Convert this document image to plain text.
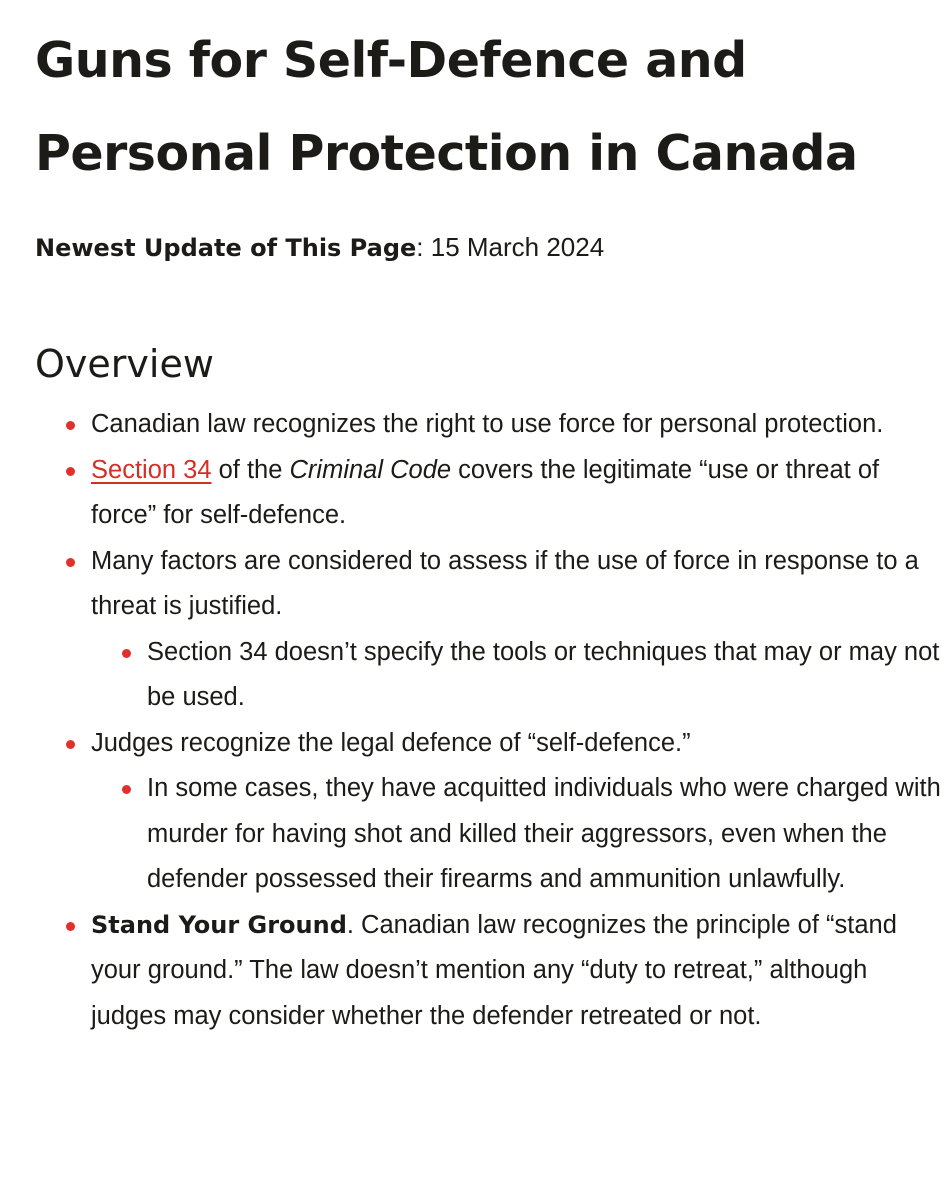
Guns for Self-Defence and Personal Protection in Canada
Newest Update of This Page: 15 March 2024
Overview
Canadian law recognizes the right to use force for personal protection.
Section 34 of the Criminal Code covers the legitimate “use or threat of force” for self-defence.
Many factors are considered to assess if the use of force in response to a threat is justified.
Section 34 doesn’t specify the tools or techniques that may or may not be used.
Judges recognize the legal defence of “self-defence.”
In some cases, they have acquitted individuals who were charged with murder for having shot and killed their aggressors, even when the defender possessed their firearms and ammunition unlawfully.
Stand Your Ground. Canadian law recognizes the principle of “stand your ground.” The law doesn’t mention any “duty to retreat,” although judges may consider whether the defender retreated or not.
